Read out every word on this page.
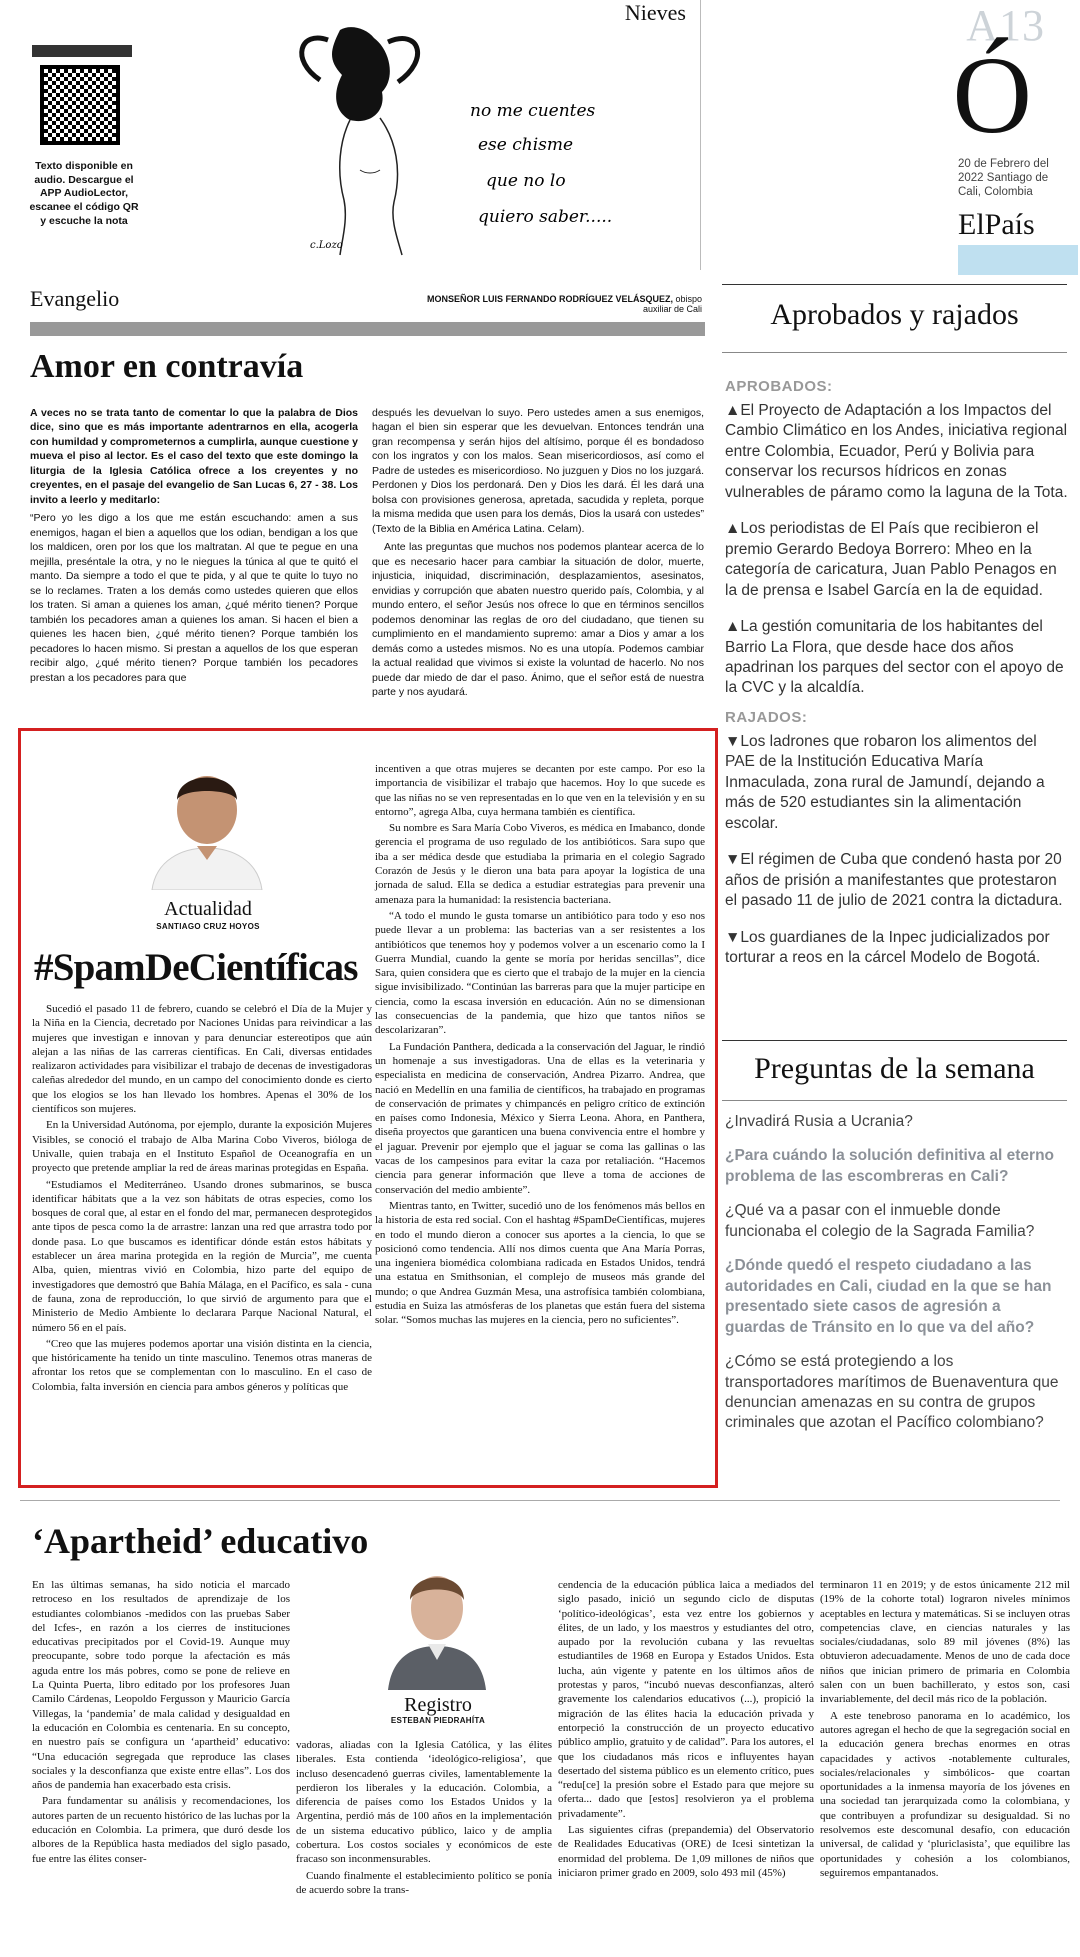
Texto disponible en audio. Descargue el APP AudioLector, escanee el código QR y escuche la nota
Nieves
c.Lozo
no me cuentes
ese chisme
que no lo
quiero saber.....
A13
Ó
20 de Febrero del 2022 Santiago de Cali, Colombia
ElPaís
Evangelio	MONSEÑOR LUIS FERNANDO RODRÍGUEZ VELÁSQUEZ, obispo auxiliar de Cali
Amor en contravía

A veces no se trata tanto de comentar lo que la palabra de Dios dice, sino que es más importante adentrarnos en ella, acogerla con humildad y comprometernos a cumplirla, aunque cuestione y mueva el piso al lector. Es el caso del texto que este domingo la liturgia de la Iglesia Católica ofrece a los creyentes y no creyentes, en el pasaje del evangelio de San Lucas 6, 27 - 38. Los invito a leerlo y meditarlo:

“Pero yo les digo a los que me están escuchando: amen a sus enemigos, hagan el bien a aquellos que los odian, bendigan a los que los maldicen, oren por los que los maltratan. Al que te pegue en una mejilla, preséntale la otra, y no le niegues la túnica al que te quitó el manto. Da siempre a todo el que te pida, y al que te quite lo tuyo no se lo reclames. Traten a los demás como ustedes quieren que ellos los traten. Si aman a quienes los aman, ¿qué mérito tienen? Porque también los pecadores aman a quienes los aman. Si hacen el bien a quienes les hacen bien, ¿qué mérito tienen? Porque también los pecadores lo hacen mismo. Si prestan a aquellos de los que esperan recibir algo, ¿qué mérito tienen? Porque también los pecadores prestan a los pecadores para que

después les devuelvan lo suyo. Pero ustedes amen a sus enemigos, hagan el bien sin esperar que les devuelvan. Entonces tendrán una gran recompensa y serán hijos del altísimo, porque él es bondadoso con los ingratos y con los malos. Sean misericordiosos, así como el Padre de ustedes es misericordioso. No juzguen y Dios no los juzgará. Perdonen y Dios los perdonará. Den y Dios les dará. Él les dará una bolsa con provisiones generosa, apretada, sacudida y repleta, porque la misma medida que usen para los demás, Dios la usará con ustedes” (Texto de la Biblia en América Latina. Celam).

Ante las preguntas que muchos nos podemos plantear acerca de lo que es necesario hacer para cambiar la situación de dolor, muerte, injusticia, iniquidad, discriminación, desplazamientos, asesinatos, envidias y corrupción que abaten nuestro querido país, Colombia, y al mundo entero, el señor Jesús nos ofrece lo que en términos sencillos podemos denominar las reglas de oro del ciudadano, que tienen su cumplimiento en el mandamiento supremo: amar a Dios y amar a los demás como a ustedes mismos. No es una utopía. Podemos cambiar la actual realidad que vivimos si existe la voluntad de hacerlo. No nos puede dar miedo de dar el paso. Ánimo, que el señor está de nuestra parte y nos ayudará.

Actualidad
SANTIAGO CRUZ HOYOS
#SpamDeCientíficas

Sucedió el pasado 11 de febrero, cuando se celebró el Día de la Mujer y la Niña en la Ciencia, decretado por Naciones Unidas para reivindicar a las mujeres que investigan e innovan y para denunciar estereotipos que aún alejan a las niñas de las carreras científicas. En Cali, diversas entidades realizaron actividades para visibilizar el trabajo de decenas de investigadoras caleñas alrededor del mundo, en un campo del conocimiento donde es cierto que los elogios se los han llevado los hombres. Apenas el 30% de los científicos son mujeres.

En la Universidad Autónoma, por ejemplo, durante la exposición Mujeres Visibles, se conoció el trabajo de Alba Marina Cobo Viveros, bióloga de Univalle, quien trabaja en el Instituto Español de Oceanografía en un proyecto que pretende ampliar la red de áreas marinas protegidas en España.

“Estudiamos el Mediterráneo. Usando drones submarinos, se busca identificar hábitats que a la vez son hábitats de otras especies, como los bosques de coral que, al estar en el fondo del mar, permanecen desprotegidos ante tipos de pesca como la de arrastre: lanzan una red que arrastra todo por donde pasa. Lo que buscamos es identificar dónde están estos hábitats y establecer un área marina protegida en la región de Murcia”, me cuenta Alba, quien, mientras vivió en Colombia, hizo parte del equipo de investigadores que demostró que Bahía Málaga, en el Pacífico, es sala - cuna de fauna, zona de reproducción, lo que sirvió de argumento para que el Ministerio de Medio Ambiente lo declarara Parque Nacional Natural, el número 56 en el país.

“Creo que las mujeres podemos aportar una visión distinta en la ciencia, que históricamente ha tenido un tinte masculino. Tenemos otras maneras de afrontar los retos que se complementan con lo masculino. En el caso de Colombia, falta inversión en ciencia para ambos géneros y políticas que

incentiven a que otras mujeres se decanten por este campo. Por eso la importancia de visibilizar el trabajo que hacemos. Hoy lo que sucede es que las niñas no se ven representadas en lo que ven en la televisión y en su entorno”, agrega Alba, cuya hermana también es científica.

Su nombre es Sara María Cobo Viveros, es médica en Imabanco, donde gerencia el programa de uso regulado de los antibióticos. Sara supo que iba a ser médica desde que estudiaba la primaria en el colegio Sagrado Corazón de Jesús y le dieron una bata para apoyar la logística de una jornada de salud. Ella se dedica a estudiar estrategias para prevenir una amenaza para la humanidad: la resistencia bacteriana.

“A todo el mundo le gusta tomarse un antibiótico para todo y eso nos puede llevar a un problema: las bacterias van a ser resistentes a los antibióticos que tenemos hoy y podemos volver a un escenario como la I Guerra Mundial, cuando la gente se moría por heridas sencillas”, dice Sara, quien considera que es cierto que el trabajo de la mujer en la ciencia sigue invisibilizado. “Continúan las barreras para que la mujer participe en ciencia, como la escasa inversión en educación. Aún no se dimensionan las consecuencias de la pandemia, que hizo que tantos niños se descolarizaran”.

La Fundación Panthera, dedicada a la conservación del Jaguar, le rindió un homenaje a sus investigadoras. Una de ellas es la veterinaria y especialista en medicina de conservación, Andrea Pizarro. Andrea, que nació en Medellín en una familia de científicos, ha trabajado en programas de conservación de primates y chimpancés en peligro crítico de extinción en países como Indonesia, México y Sierra Leona. Ahora, en Panthera, diseña proyectos que garanticen una buena convivencia entre el hombre y el jaguar. Prevenir por ejemplo que el jaguar se coma las gallinas o las vacas de los campesinos para evitar la caza por retaliación. “Hacemos ciencia para generar información que lleve a toma de acciones de conservación del medio ambiente”.

Mientras tanto, en Twitter, sucedió uno de los fenómenos más bellos en la historia de esta red social. Con el hashtag #SpamDeCientíficas, mujeres en todo el mundo dieron a conocer sus aportes a la ciencia, lo que se posicionó como tendencia. Allí nos dimos cuenta que Ana María Porras, una ingeniera biomédica colombiana radicada en Estados Unidos, tendrá una estatua en Smithsonian, el complejo de museos más grande del mundo; o que Andrea Guzmán Mesa, una astrofísica también colombiana, estudia en Suiza las atmósferas de los planetas que están fuera del sistema solar. “Somos muchas las mujeres en la ciencia, pero no suficientes”.

Aprobados y rajados
APROBADOS:
▲El Proyecto de Adaptación a los Impactos del Cambio Climático en los Andes, iniciativa regional entre Colombia, Ecuador, Perú y Bolivia para conservar los recursos hídricos en zonas vulnerables de páramo como la laguna de la Tota.
▲Los periodistas de El País que recibieron el premio Gerardo Bedoya Borrero: Mheo en la categoría de caricatura, Juan Pablo Penagos en la de prensa e Isabel García en la de equidad.
▲La gestión comunitaria de los habitantes del Barrio La Flora, que desde hace dos años apadrinan los parques del sector con el apoyo de la CVC y la alcaldía.
RAJADOS:
▼Los ladrones que robaron los alimentos del PAE de la Institución Educativa María Inmaculada, zona rural de Jamundí, dejando a más de 520 estudiantes sin la alimentación escolar.
▼El régimen de Cuba que condenó hasta por 20 años de prisión a manifestantes que protestaron el pasado 11 de julio de 2021 contra la dictadura.
▼Los guardianes de la Inpec judicializados por torturar a reos en la cárcel Modelo de Bogotá.
Preguntas de la semana
¿Invadirá Rusia a Ucrania?
¿Para cuándo la solución definitiva al eterno problema de las escombreras en Cali?
¿Qué va a pasar con el inmueble donde funcionaba el colegio de la Sagrada Familia?
¿Dónde quedó el respeto ciudadano a las autoridades en Cali, ciudad en la que se han presentado siete casos de agresión a guardas de Tránsito en lo que va del año?
¿Cómo se está protegiendo a los transportadores marítimos de Buenaventura que denuncian amenazas en su contra de grupos criminales que azotan el Pacífico colombiano?
‘Apartheid’ educativo
Registro
ESTEBAN PIEDRAHÍTA

En las últimas semanas, ha sido noticia el marcado retroceso en los resultados de aprendizaje de los estudiantes colombianos -medidos con las pruebas Saber del Icfes-, en razón a los cierres de instituciones educativas precipitados por el Covid-19. Aunque muy preocupante, sobre todo porque la afectación es más aguda entre los más pobres, como se pone de relieve en La Quinta Puerta, libro editado por los profesores Juan Camilo Cárdenas, Leopoldo Fergusson y Mauricio García Villegas, la ‘pandemia’ de mala calidad y desigualdad en la educación en Colombia es centenaria. En su concepto, en nuestro país se configura un ‘apartheid’ educativo: “Una educación segregada que reproduce las clases sociales y la desconfianza que existe entre ellas”. Los dos años de pandemia han exacerbado esta crisis.

Para fundamentar su análisis y recomendaciones, los autores parten de un recuento histórico de las luchas por la educación en Colombia. La primera, que duró desde los albores de la República hasta mediados del siglo pasado, fue entre las élites conser-

vadoras, aliadas con la Iglesia Católica, y las élites liberales. Esta contienda ‘ideológico-religiosa’, que incluso desencadenó guerras civiles, lamentablemente la perdieron los liberales y la educación. Colombia, a diferencia de países como los Estados Unidos y la Argentina, perdió más de 100 años en la implementación de un sistema educativo público, laico y de amplia cobertura. Los costos sociales y económicos de este fracaso son inconmensurables.

Cuando finalmente el establecimiento político se ponía de acuerdo sobre la trans-

cendencia de la educación pública laica a mediados del siglo pasado, inició un segundo ciclo de disputas ‘político-ideológicas’, esta vez entre los gobiernos y élites, de un lado, y los maestros y estudiantes del otro, aupado por la revolución cubana y las revueltas estudiantiles de 1968 en Europa y Estados Unidos. Esta lucha, aún vigente y patente en los últimos años de protestas y paros, “incubó nuevas desconfianzas, alteró gravemente los calendarios educativos (...), propició la migración de las élites hacia la educación privada y entorpeció la construcción de un proyecto educativo público amplio, gratuito y de calidad”. Para los autores, el que los ciudadanos más ricos e influyentes hayan desertado del sistema público es un elemento crítico, pues “redu[ce] la presión sobre el Estado para que mejore su oferta... dado que [estos] resolvieron ya el problema privadamente”.

Las siguientes cifras (prepandemia) del Observatorio de Realidades Educativas (ORE) de Icesi sintetizan la enormidad del problema. De 1,09 millones de niños que iniciaron primer grado en 2009, solo 493 mil (45%)

terminaron 11 en 2019; y de estos únicamente 212 mil (19% de la cohorte total) lograron niveles mínimos aceptables en lectura y matemáticas. Si se incluyen otras competencias clave, en ciencias naturales y las sociales/ciudadanas, solo 89 mil jóvenes (8%) las obtuvieron adecuadamente. Menos de uno de cada doce niños que inician primero de primaria en Colombia salen con un buen bachillerato, y estos son, casi invariablemente, del decil más rico de la población.

A este tenebroso panorama en lo académico, los autores agregan el hecho de que la segregación social en la educación genera brechas enormes en otras capacidades y activos -notablemente culturales, sociales/relacionales y simbólicos- que coartan oportunidades a la inmensa mayoría de los jóvenes en una sociedad tan jerarquizada como la colombiana, y que contribuyen a profundizar su desigualdad. Si no resolvemos este descomunal desafío, con educación universal, de calidad y ‘pluriclasista’, que equilibre las oportunidades y cohesión a los colombianos, seguiremos empantanados.
